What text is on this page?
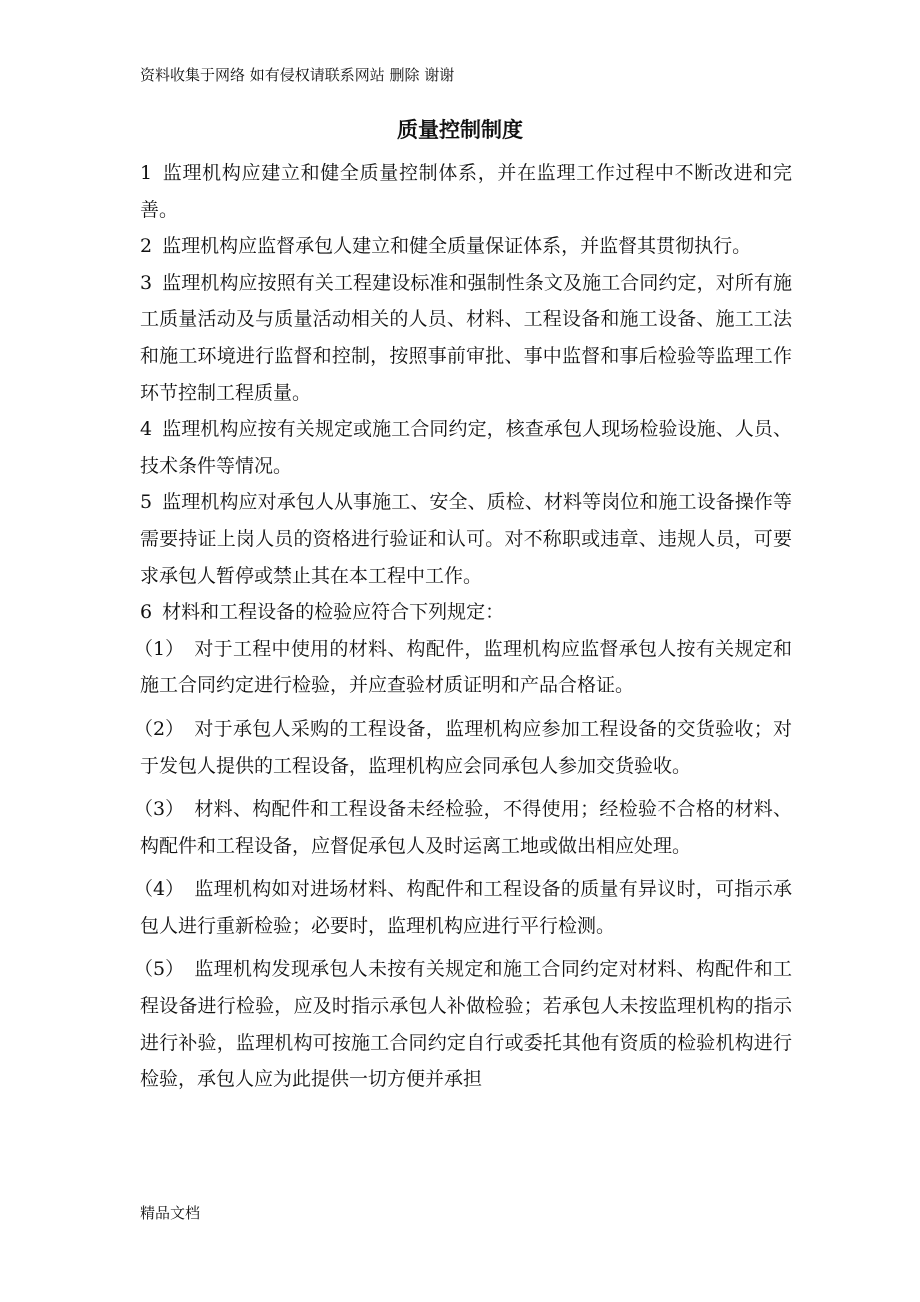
资料收集于网络 如有侵权请联系网站 删除 谢谢
质量控制制度

1 监理机构应建立和健全质量控制体系，并在监理工作过程中不断改进和完善。

2 监理机构应监督承包人建立和健全质量保证体系，并监督其贯彻执行。

3 监理机构应按照有关工程建设标准和强制性条文及施工合同约定，对所有施工质量活动及与质量活动相关的人员、材料、工程设备和施工设备、施工工法和施工环境进行监督和控制，按照事前审批、事中监督和事后检验等监理工作环节控制工程质量。

4 监理机构应按有关规定或施工合同约定，核查承包人现场检验设施、人员、技术条件等情况。

5 监理机构应对承包人从事施工、安全、质检、材料等岗位和施工设备操作等需要持证上岗人员的资格进行验证和认可。对不称职或违章、违规人员，可要求承包人暂停或禁止其在本工程中工作。

6 材料和工程设备的检验应符合下列规定：

（1） 对于工程中使用的材料、构配件，监理机构应监督承包人按有关规定和施工合同约定进行检验，并应查验材质证明和产品合格证。

（2） 对于承包人采购的工程设备，监理机构应参加工程设备的交货验收；对于发包人提供的工程设备，监理机构应会同承包人参加交货验收。

（3） 材料、构配件和工程设备未经检验，不得使用；经检验不合格的材料、构配件和工程设备，应督促承包人及时运离工地或做出相应处理。

（4） 监理机构如对进场材料、构配件和工程设备的质量有异议时，可指示承包人进行重新检验；必要时，监理机构应进行平行检测。

（5） 监理机构发现承包人未按有关规定和施工合同约定对材料、构配件和工程设备进行检验，应及时指示承包人补做检验；若承包人未按监理机构的指示进行补验，监理机构可按施工合同约定自行或委托其他有资质的检验机构进行检验，承包人应为此提供一切方便并承担

精品文档
